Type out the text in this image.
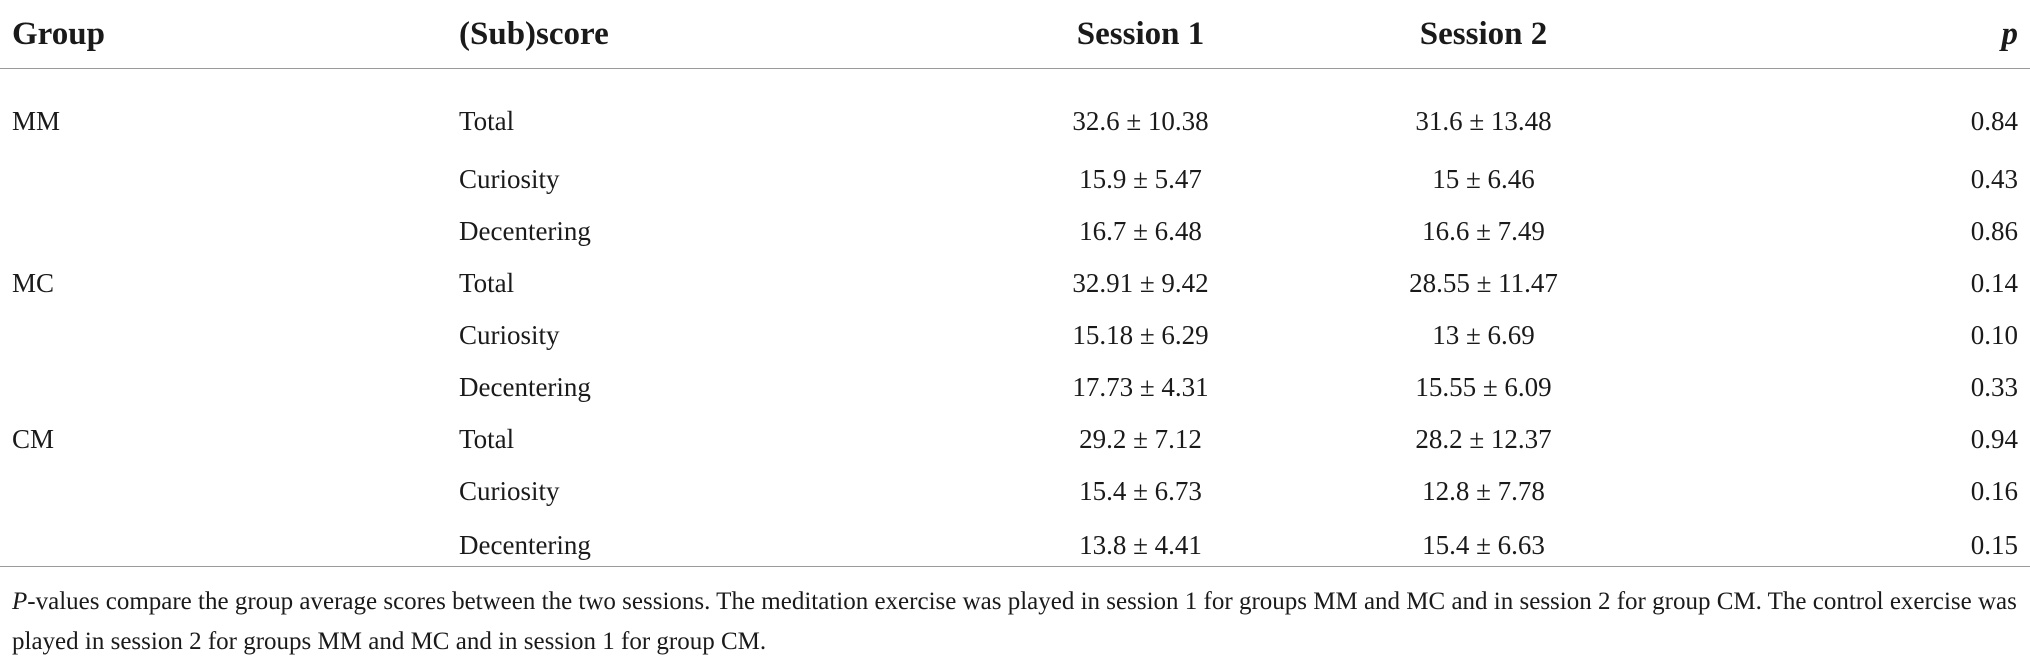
Group	(Sub)score	Session 1	Session 2	p
MM	Total	32.6 ± 10.38	31.6 ± 13.48	0.84
	Curiosity	15.9 ± 5.47	15 ± 6.46	0.43
	Decentering	16.7 ± 6.48	16.6 ± 7.49	0.86
MC	Total	32.91 ± 9.42	28.55 ± 11.47	0.14
	Curiosity	15.18 ± 6.29	13 ± 6.69	0.10
	Decentering	17.73 ± 4.31	15.55 ± 6.09	0.33
CM	Total	29.2 ± 7.12	28.2 ± 12.37	0.94
	Curiosity	15.4 ± 6.73	12.8 ± 7.78	0.16
	Decentering	13.8 ± 4.41	15.4 ± 6.63	0.15
P-values compare the group average scores between the two sessions. The meditation exercise was played in session 1 for groups MM and MC and in session 2 for group CM. The control exercise was played in session 2 for groups MM and MC and in session 1 for group CM.
